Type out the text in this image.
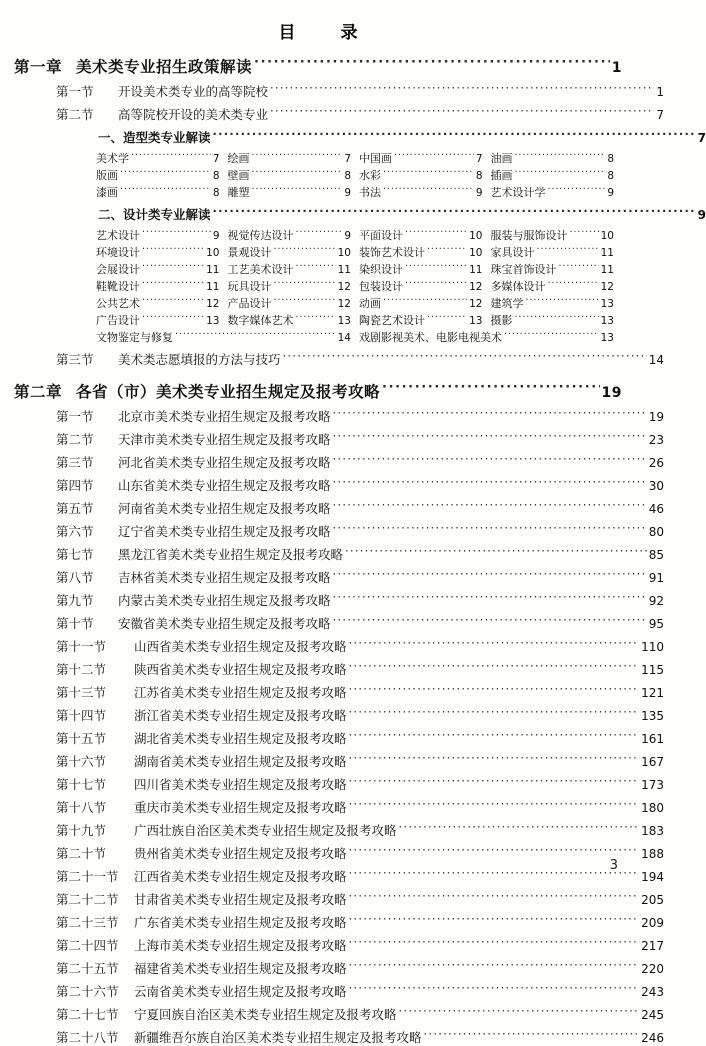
目　录
第一章 美术类专业招生政策解读 ·····	1
第一节	开设美术类专业的高等院校 ·····	1
第二节	高等院校开设的美术类专业 ·····	7
一、造型类专业解读 ·····	7
美术学 ·····	7 绘画 ·····	7 中国画 ·····	7 油画 ·····	8
版画 ·····	8 壁画 ·····	8 水彩 ·····	8 插画 ·····	8
漆画 ·····	8 雕塑 ·····	9 书法 ·····	9 艺术设计学 ·····	9
二、设计类专业解读 ·····	9
艺术设计 ·····	9 视觉传达设计 ·····	9 平面设计 ·····	10 服装与服饰设计 ·····	10
环境设计 ·····	10 景观设计 ·····	10 装饰艺术设计 ·····	10 家具设计 ·····	11
会展设计 ·····	11 工艺美术设计 ·····	11 染织设计 ·····	11 珠宝首饰设计 ·····	11
鞋靴设计 ·····	11 玩具设计 ·····	12 包装设计 ·····	12 多媒体设计 ·····	12
公共艺术 ·····	12 产品设计 ·····	12 动画 ·····	12 建筑学 ·····	13
广告设计 ·····	13 数字媒体艺术 ·····	13 陶瓷艺术设计 ·····	13 摄影 ·····	13
文物鉴定与修复 ·····	14 戏剧影视美术、电影电视美术 ·····	13
第三节	美术类志愿填报的方法与技巧 ·····	14
第二章 各省（市）美术类专业招生规定及报考攻略 ·····	19
第一节	北京市美术类专业招生规定及报考攻略 ·····	19
第二节	天津市美术类专业招生规定及报考攻略 ·····	23
第三节	河北省美术类专业招生规定及报考攻略 ·····	26
第四节	山东省美术类专业招生规定及报考攻略 ·····	30
第五节	河南省美术类专业招生规定及报考攻略 ·····	46
第六节	辽宁省美术类专业招生规定及报考攻略 ·····	80
第七节	黑龙江省美术类专业招生规定及报考攻略 ·····	85
第八节	吉林省美术类专业招生规定及报考攻略 ·····	91
第九节	内蒙古美术类专业招生规定及报考攻略 ·····	92
第十节	安徽省美术类专业招生规定及报考攻略 ·····	95
第十一节	山西省美术类专业招生规定及报考攻略 ·····	110
第十二节	陕西省美术类专业招生规定及报考攻略 ·····	115
第十三节	江苏省美术类专业招生规定及报考攻略 ·····	121
第十四节	浙江省美术类专业招生规定及报考攻略 ·····	135
第十五节	湖北省美术类专业招生规定及报考攻略 ·····	161
第十六节	湖南省美术类专业招生规定及报考攻略 ·····	167
第十七节	四川省美术类专业招生规定及报考攻略 ·····	173
第十八节	重庆市美术类专业招生规定及报考攻略 ·····	180
第十九节	广西壮族自治区美术类专业招生规定及报考攻略 ·····	183
第二十节	贵州省美术类专业招生规定及报考攻略 ·····	188
第二十一节	江西省美术类专业招生规定及报考攻略 ·····	194
第二十二节	甘肃省美术类专业招生规定及报考攻略 ·····	205
第二十三节	广东省美术类专业招生规定及报考攻略 ·····	209
第二十四节	上海市美术类专业招生规定及报考攻略 ·····	217
第二十五节	福建省美术类专业招生规定及报考攻略 ·····	220
第二十六节	云南省美术类专业招生规定及报考攻略 ·····	243
第二十七节	宁夏回族自治区美术类专业招生规定及报考攻略 ·····	245
第二十八节	新疆维吾尔族自治区美术类专业招生规定及报考攻略 ·····	246
3
